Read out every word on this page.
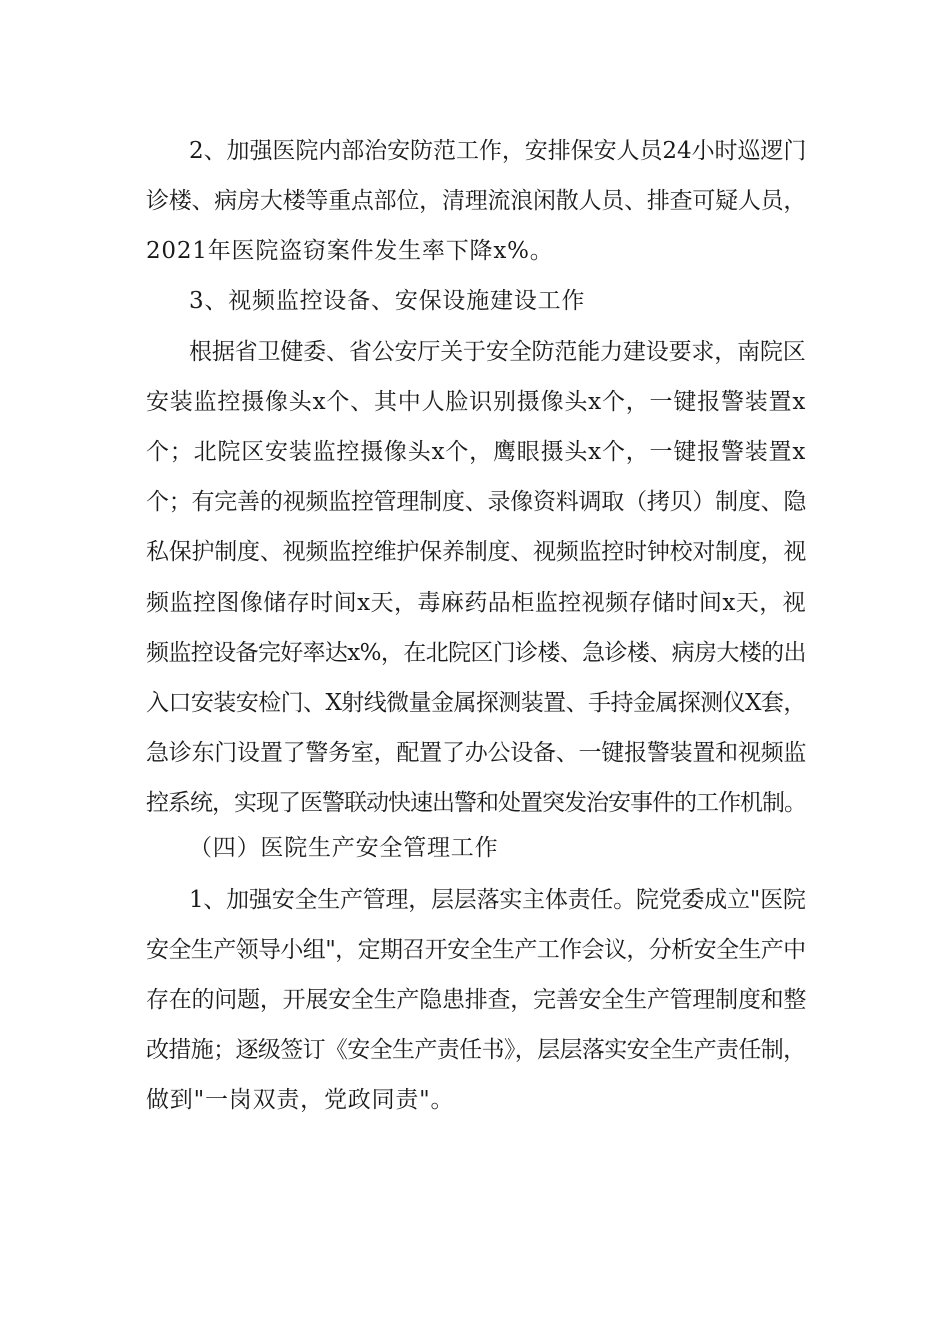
2、加强医院内部治安防范工作，安排保安人员24小时巡逻门
诊楼、病房大楼等重点部位，清理流浪闲散人员、排查可疑人员，
2021年医院盗窃案件发生率下降x%。
3、视频监控设备、安保设施建设工作
根据省卫健委、省公安厅关于安全防范能力建设要求，南院区
安装监控摄像头x个、其中人脸识别摄像头x个，一键报警装置x
个；北院区安装监控摄像头x个，鹰眼摄头x个，一键报警装置x
个；有完善的视频监控管理制度、录像资料调取（拷贝）制度、隐
私保护制度、视频监控维护保养制度、视频监控时钟校对制度，视
频监控图像储存时间x天，毒麻药品柜监控视频存储时间x天，视
频监控设备完好率达x%，在北院区门诊楼、急诊楼、病房大楼的出
入口安装安检门、X射线微量金属探测装置、手持金属探测仪X套，
急诊东门设置了警务室，配置了办公设备、一键报警装置和视频监
控系统，实现了医警联动快速出警和处置突发治安事件的工作机制。
（四）医院生产安全管理工作
1、加强安全生产管理，层层落实主体责任。院党委成立"医院
安全生产领导小组"，定期召开安全生产工作会议，分析安全生产中
存在的问题，开展安全生产隐患排查，完善安全生产管理制度和整
改措施；逐级签订《安全生产责任书》，层层落实安全生产责任制，
做到"一岗双责，党政同责"。
